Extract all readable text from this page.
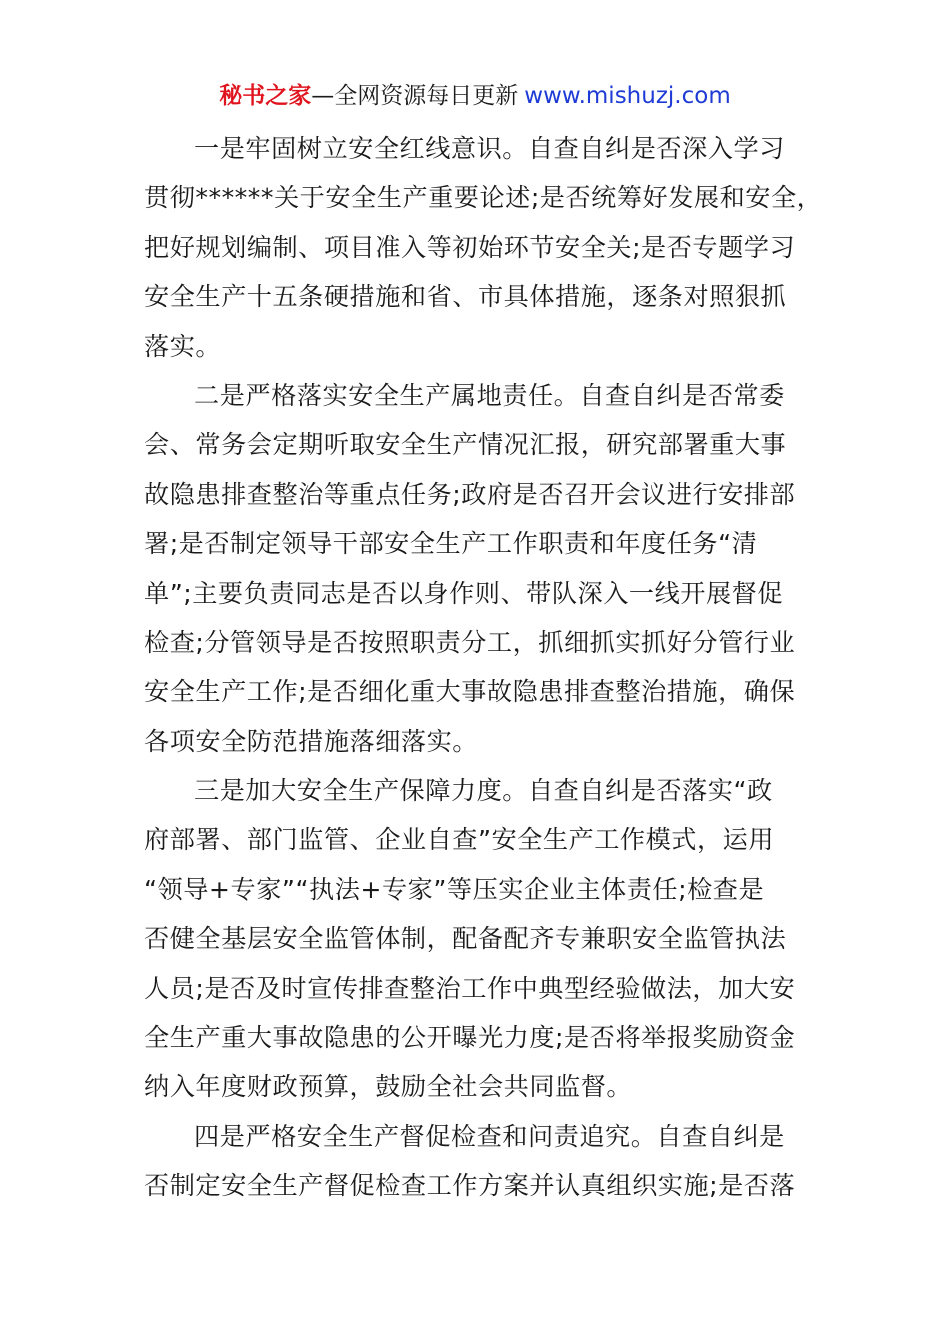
秘书之家—全网资源每日更新 www.mishuzj.com

一是牢固树立安全红线意识。自查自纠是否深入学习
贯彻******关于安全生产重要论述;是否统筹好发展和安全，
把好规划编制、项目准入等初始环节安全关;是否专题学习
安全生产十五条硬措施和省、市具体措施，逐条对照狠抓
落实。

二是严格落实安全生产属地责任。自查自纠是否常委
会、常务会定期听取安全生产情况汇报，研究部署重大事
故隐患排查整治等重点任务;政府是否召开会议进行安排部
署;是否制定领导干部安全生产工作职责和年度任务“清
单”;主要负责同志是否以身作则、带队深入一线开展督促
检查;分管领导是否按照职责分工，抓细抓实抓好分管行业
安全生产工作;是否细化重大事故隐患排查整治措施，确保
各项安全防范措施落细落实。

三是加大安全生产保障力度。自查自纠是否落实“政
府部署、部门监管、企业自查”安全生产工作模式，运用
“领导+专家”“执法+专家”等压实企业主体责任;检查是
否健全基层安全监管体制，配备配齐专兼职安全监管执法
人员;是否及时宣传排查整治工作中典型经验做法，加大安
全生产重大事故隐患的公开曝光力度;是否将举报奖励资金
纳入年度财政预算，鼓励全社会共同监督。

四是严格安全生产督促检查和问责追究。自查自纠是
否制定安全生产督促检查工作方案并认真组织实施;是否落
